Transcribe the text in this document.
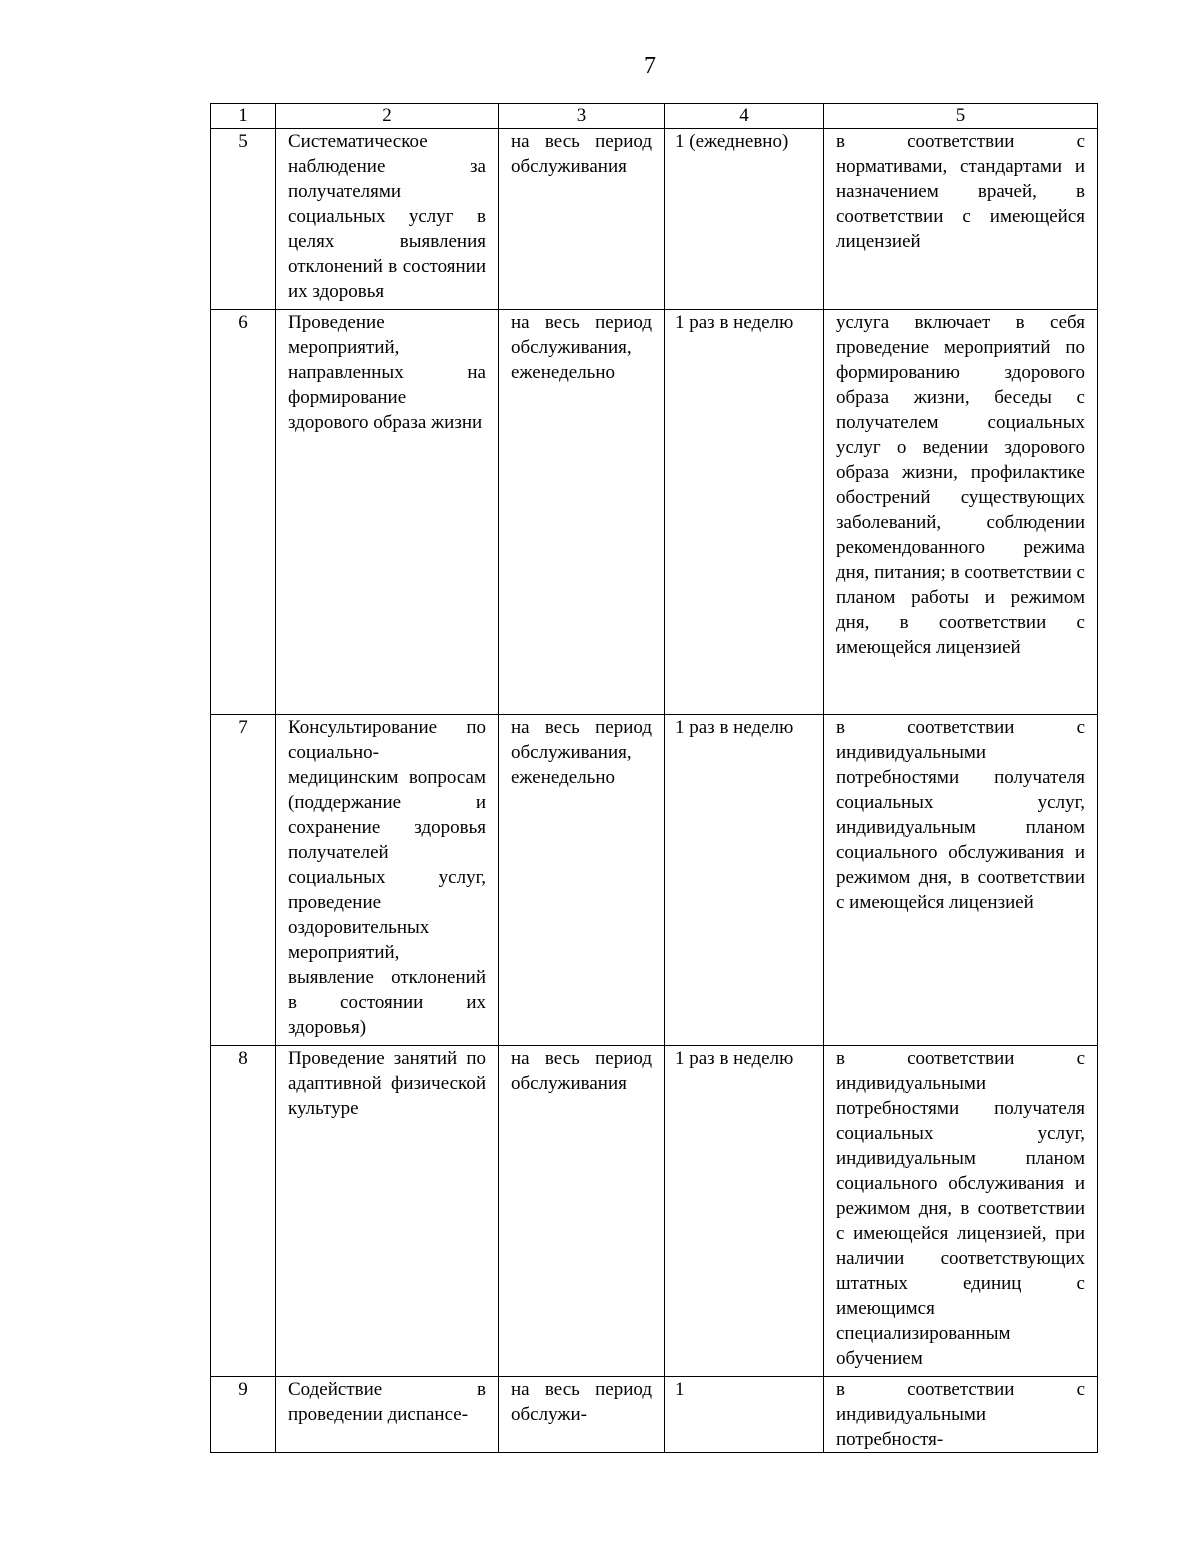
7
1	2	3	4	5
5	Систематическое наблюдение за получателями социальных услуг в целях выявления отклонений в состоянии их здоровья	на весь период обслуживания	1 (ежедневно)	в соответствии с нормативами, стандартами и назначением врачей, в соответствии с имеющейся лицензией
6	Проведение мероприятий, направленных на формирование здорового образа жизни	на весь период обслуживания, еженедельно	1 раз в неделю	услуга включает в себя проведение мероприятий по формированию здорового образа жизни, беседы с получателем социальных услуг о ведении здорового образа жизни, профилактике обострений существующих заболеваний, соблюдении рекомендованного режима дня, питания; в соответствии с планом работы и режимом дня, в соответствии с имеющейся лицензией
7	Консультирование по социально-медицинским вопросам (поддержание и сохранение здоровья получателей социальных услуг, проведение оздоровительных мероприятий, выявление отклонений в состоянии их здоровья)	на весь период обслуживания, еженедельно	1 раз в неделю	в соответствии с индивидуальными потребностями получателя социальных услуг, индивидуальным планом социального обслуживания и режимом дня, в соответствии с имеющейся лицензией
8	Проведение занятий по адаптивной физической культуре	на весь период обслуживания	1 раз в неделю	в соответствии с индивидуальными потребностями получателя социальных услуг, индивидуальным планом социального обслуживания и режимом дня, в соответствии с имеющейся лицензией, при наличии соответствующих штатных единиц с имеющимся специализированным обучением
9	Содействие в проведении диспансе-	на весь период обслужи-	1	в соответствии с индивидуальными потребностя-
